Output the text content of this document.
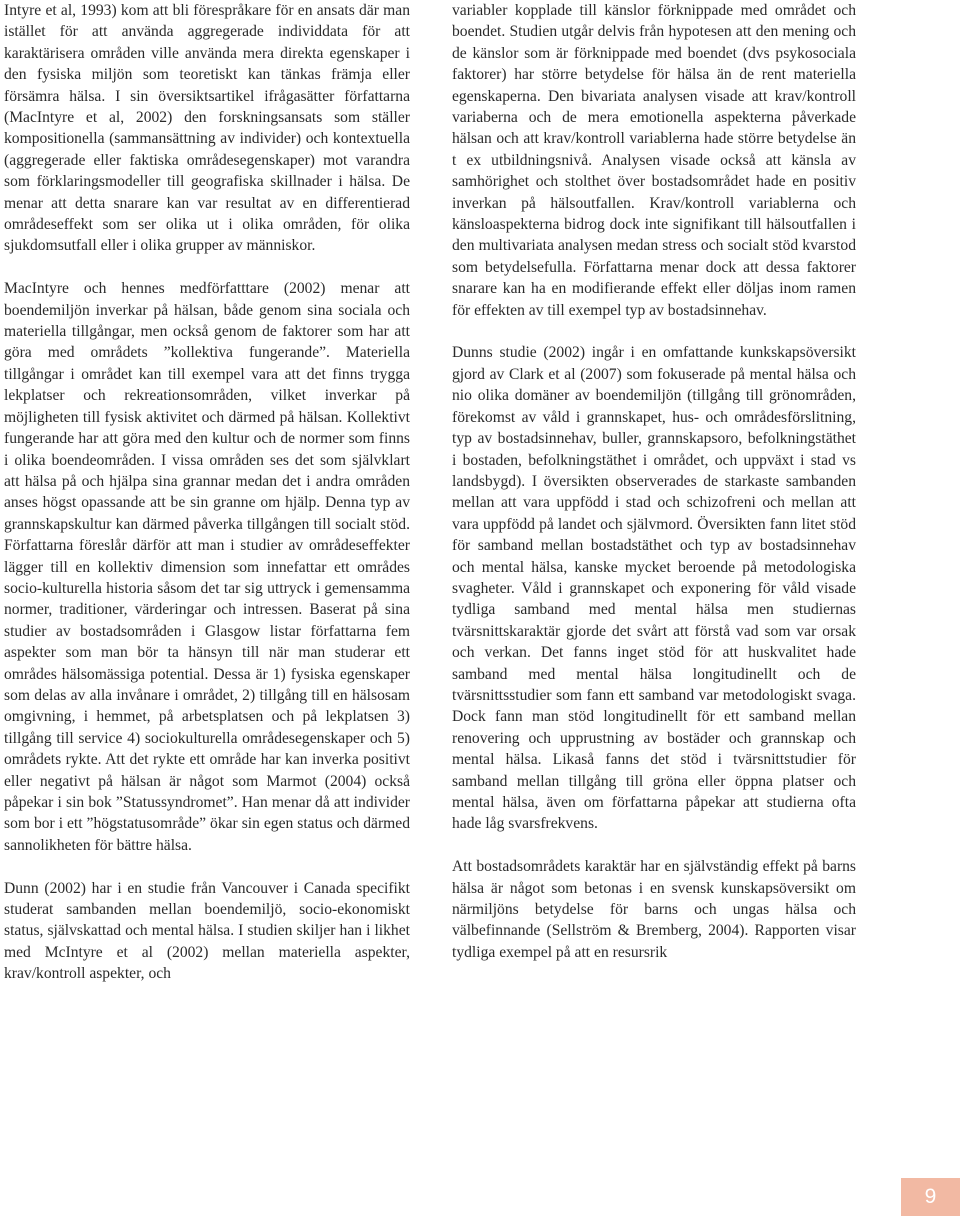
Intyre et al, 1993) kom att bli förespråkare för en ansats där man istället för att använda aggregerade individdata för att karaktärisera områden ville använda mera direkta egenskaper i den fysiska miljön som teoretiskt kan tänkas främja eller försämra hälsa. I sin översiktsartikel ifrågasätter författarna (MacIntyre et al, 2002) den forskningsansats som ställer kompositionella (sammansättning av individer) och kontextuella (aggregerade eller faktiska områdesegenskaper) mot varandra som förklaringsmodeller till geografiska skillnader i hälsa. De menar att detta snarare kan var resultat av en differentierad områdeseffekt som ser olika ut i olika områden, för olika sjukdomsutfall eller i olika grupper av människor.

MacIntyre och hennes medförfatttare (2002) menar att boendemiljön inverkar på hälsan, både genom sina sociala och materiella tillgångar, men också genom de faktorer som har att göra med områdets ”kollektiva fungerande”. Materiella tillgångar i området kan till exempel vara att det finns trygga lekplatser och rekreationsområden, vilket inverkar på möjligheten till fysisk aktivitet och därmed på hälsan. Kollektivt fungerande har att göra med den kultur och de normer som finns i olika boendeområden. I vissa områden ses det som självklart att hälsa på och hjälpa sina grannar medan det i andra områden anses högst opassande att be sin granne om hjälp. Denna typ av grannskapskultur kan därmed påverka tillgången till socialt stöd. Författarna föreslår därför att man i studier av områdeseffekter lägger till en kollektiv dimension som innefattar ett områdes socio-kulturella historia såsom det tar sig uttryck i gemensamma normer, traditioner, värderingar och intressen. Baserat på sina studier av bostadsområden i Glasgow listar författarna fem aspekter som man bör ta hänsyn till när man studerar ett områdes hälsomässiga potential. Dessa är 1) fysiska egenskaper som delas av alla invånare i området, 2) tillgång till en hälsosam omgivning, i hemmet, på arbetsplatsen och på lekplatsen 3) tillgång till service 4) sociokulturella områdesegenskaper och 5) områdets rykte. Att det rykte ett område har kan inverka positivt eller negativt på hälsan är något som Marmot (2004) också påpekar i sin bok ”Statussyndromet”. Han menar då att individer som bor i ett ”högstatusområde” ökar sin egen status och därmed sannolikheten för bättre hälsa.

Dunn (2002) har i en studie från Vancouver i Canada specifikt studerat sambanden mellan boendemiljö, socio-ekonomiskt status, självskattad och mental hälsa. I studien skiljer han i likhet med McIntyre et al (2002) mellan materiella aspekter, krav/kontroll aspekter, och

variabler kopplade till känslor förknippade med området och boendet. Studien utgår delvis från hypotesen att den mening och de känslor som är förknippade med boendet (dvs psykosociala faktorer) har större betydelse för hälsa än de rent materiella egenskaperna. Den bivariata analysen visade att krav/kontroll variaberna och de mera emotionella aspekterna påverkade hälsan och att krav/kontroll variablerna hade större betydelse än t ex utbildningsnivå. Analysen visade också att känsla av samhörighet och stolthet över bostadsområdet hade en positiv inverkan på hälsoutfallen. Krav/kontroll variablerna och känsloaspekterna bidrog dock inte signifikant till hälsoutfallen i den multivariata analysen medan stress och socialt stöd kvarstod som betydelsefulla. Författarna menar dock att dessa faktorer snarare kan ha en modifierande effekt eller döljas inom ramen för effekten av till exempel typ av bostadsinnehav.

Dunns studie (2002) ingår i en omfattande kunkskapsöversikt gjord av Clark et al (2007) som fokuserade på mental hälsa och nio olika domäner av boendemiljön (tillgång till grönområden, förekomst av våld i grannskapet, hus- och områdesförslitning, typ av bostadsinnehav, buller, grannskapsoro, befolkningstäthet i bostaden, befolkningstäthet i området, och uppväxt i stad vs landsbygd). I översikten observerades de starkaste sambanden mellan att vara uppfödd i stad och schizofreni och mellan att vara uppfödd på landet och självmord. Översikten fann litet stöd för samband mellan bostadstäthet och typ av bostadsinnehav och mental hälsa, kanske mycket beroende på metodologiska svagheter. Våld i grannskapet och exponering för våld visade tydliga samband med mental hälsa men studiernas tvärsnittskaraktär gjorde det svårt att förstå vad som var orsak och verkan. Det fanns inget stöd för att huskvalitet hade samband med mental hälsa longitudinellt och de tvärsnittsstudier som fann ett samband var metodologiskt svaga. Dock fann man stöd longitudinellt för ett samband mellan renovering och upprustning av bostäder och grannskap och mental hälsa. Likaså fanns det stöd i tvärsnittstudier för samband mellan tillgång till gröna eller öppna platser och mental hälsa, även om författarna påpekar att studierna ofta hade låg svarsfrekvens.

Att bostadsområdets karaktär har en självständig effekt på barns hälsa är något som betonas i en svensk kunskapsöversikt om närmiljöns betydelse för barns och ungas hälsa och välbefinnande (Sellström & Bremberg, 2004). Rapporten visar tydliga exempel på att en resursrik

9
